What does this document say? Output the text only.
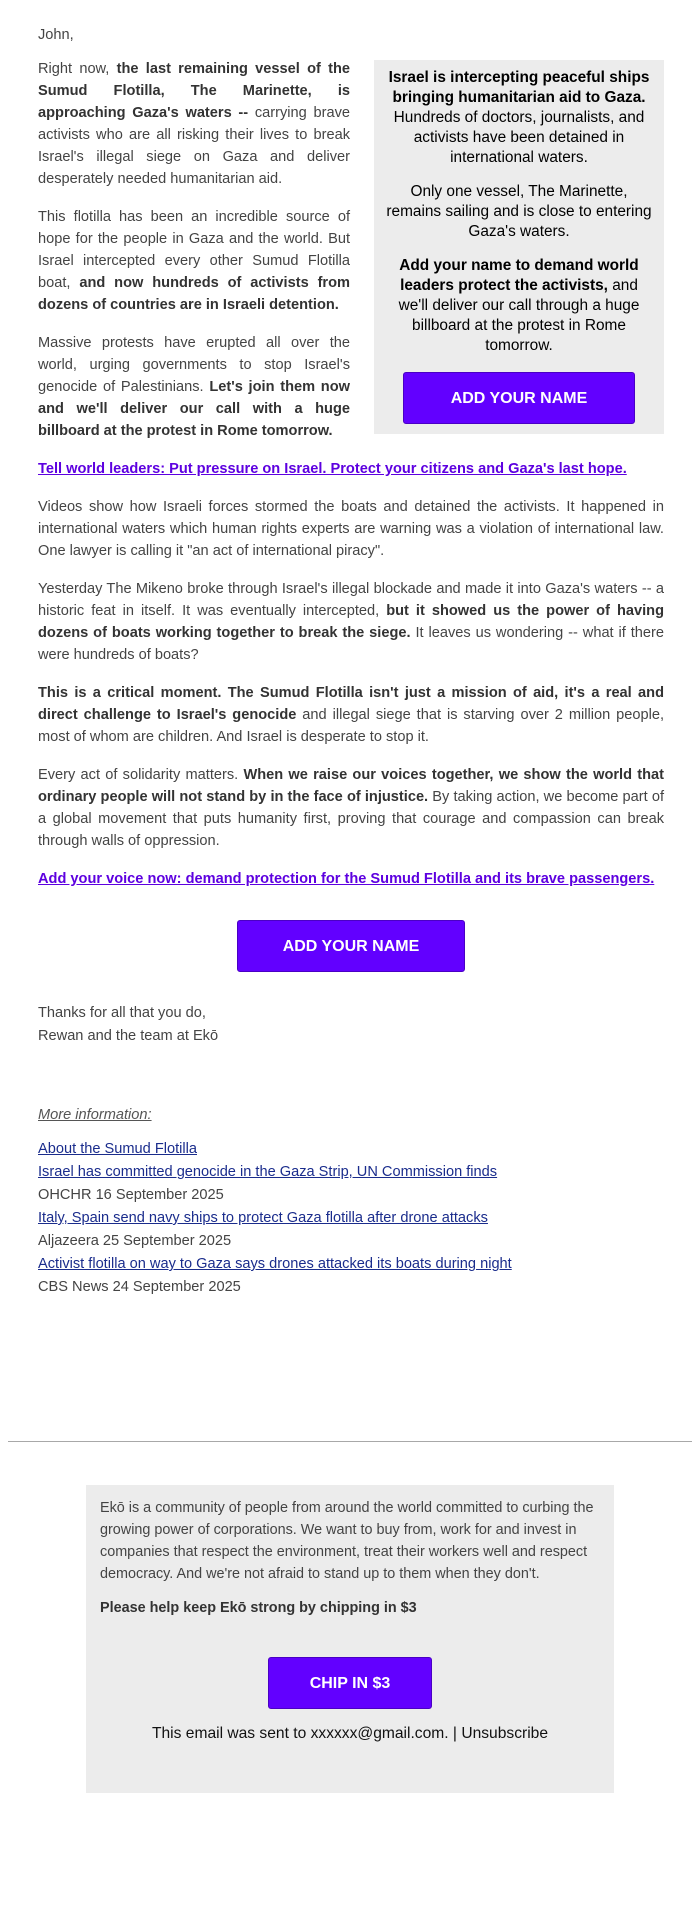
John,

Israel is intercepting peaceful ships bringing humanitarian aid to Gaza. Hundreds of doctors, journalists, and activists have been detained in international waters.

Only one vessel, The Marinette, remains sailing and is close to entering Gaza's waters.

Add your name to demand world leaders protect the activists, and we'll deliver our call through a huge billboard at the protest in Rome tomorrow.

ADD YOUR NAME

Right now, the last remaining vessel of the Sumud Flotilla, The Marinette, is approaching Gaza's waters -- carrying brave activists who are all risking their lives to break Israel's illegal siege on Gaza and deliver desperately needed humanitarian aid.

This flotilla has been an incredible source of hope for the people in Gaza and the world. But Israel intercepted every other Sumud Flotilla boat, and now hundreds of activists from dozens of countries are in Israeli detention.

Massive protests have erupted all over the world, urging governments to stop Israel's genocide of Palestinians. Let's join them now and we'll deliver our call with a huge billboard at the protest in Rome tomorrow.

Tell world leaders: Put pressure on Israel. Protect your citizens and Gaza's last hope.

Videos show how Israeli forces stormed the boats and detained the activists. It happened in international waters which human rights experts are warning was a violation of international law. One lawyer is calling it "an act of international piracy".

Yesterday The Mikeno broke through Israel's illegal blockade and made it into Gaza's waters -- a historic feat in itself. It was eventually intercepted, but it showed us the power of having dozens of boats working together to break the siege. It leaves us wondering -- what if there were hundreds of boats?

This is a critical moment. The Sumud Flotilla isn't just a mission of aid, it's a real and direct challenge to Israel's genocide and illegal siege that is starving over 2 million people, most of whom are children. And Israel is desperate to stop it.

Every act of solidarity matters. When we raise our voices together, we show the world that ordinary people will not stand by in the face of injustice. By taking action, we become part of a global movement that puts humanity first, proving that courage and compassion can break through walls of oppression.

Add your voice now: demand protection for the Sumud Flotilla and its brave passengers.

ADD YOUR NAME
Thanks for all that you do,
Rewan and the team at Ekō
More information:
About the Sumud Flotilla
Israel has committed genocide in the Gaza Strip, UN Commission finds
OHCHR 16 September 2025
Italy, Spain send navy ships to protect Gaza flotilla after drone attacks
Aljazeera 25 September 2025
Activist flotilla on way to Gaza says drones attacked its boats during night
CBS News 24 September 2025

Ekō is a community of people from around the world committed to curbing the growing power of corporations. We want to buy from, work for and invest in companies that respect the environment, treat their workers well and respect democracy. And we're not afraid to stand up to them when they don't.

Please help keep Ekō strong by chipping in $3

CHIP IN $3
This email was sent to xxxxxx@gmail.com. | Unsubscribe
